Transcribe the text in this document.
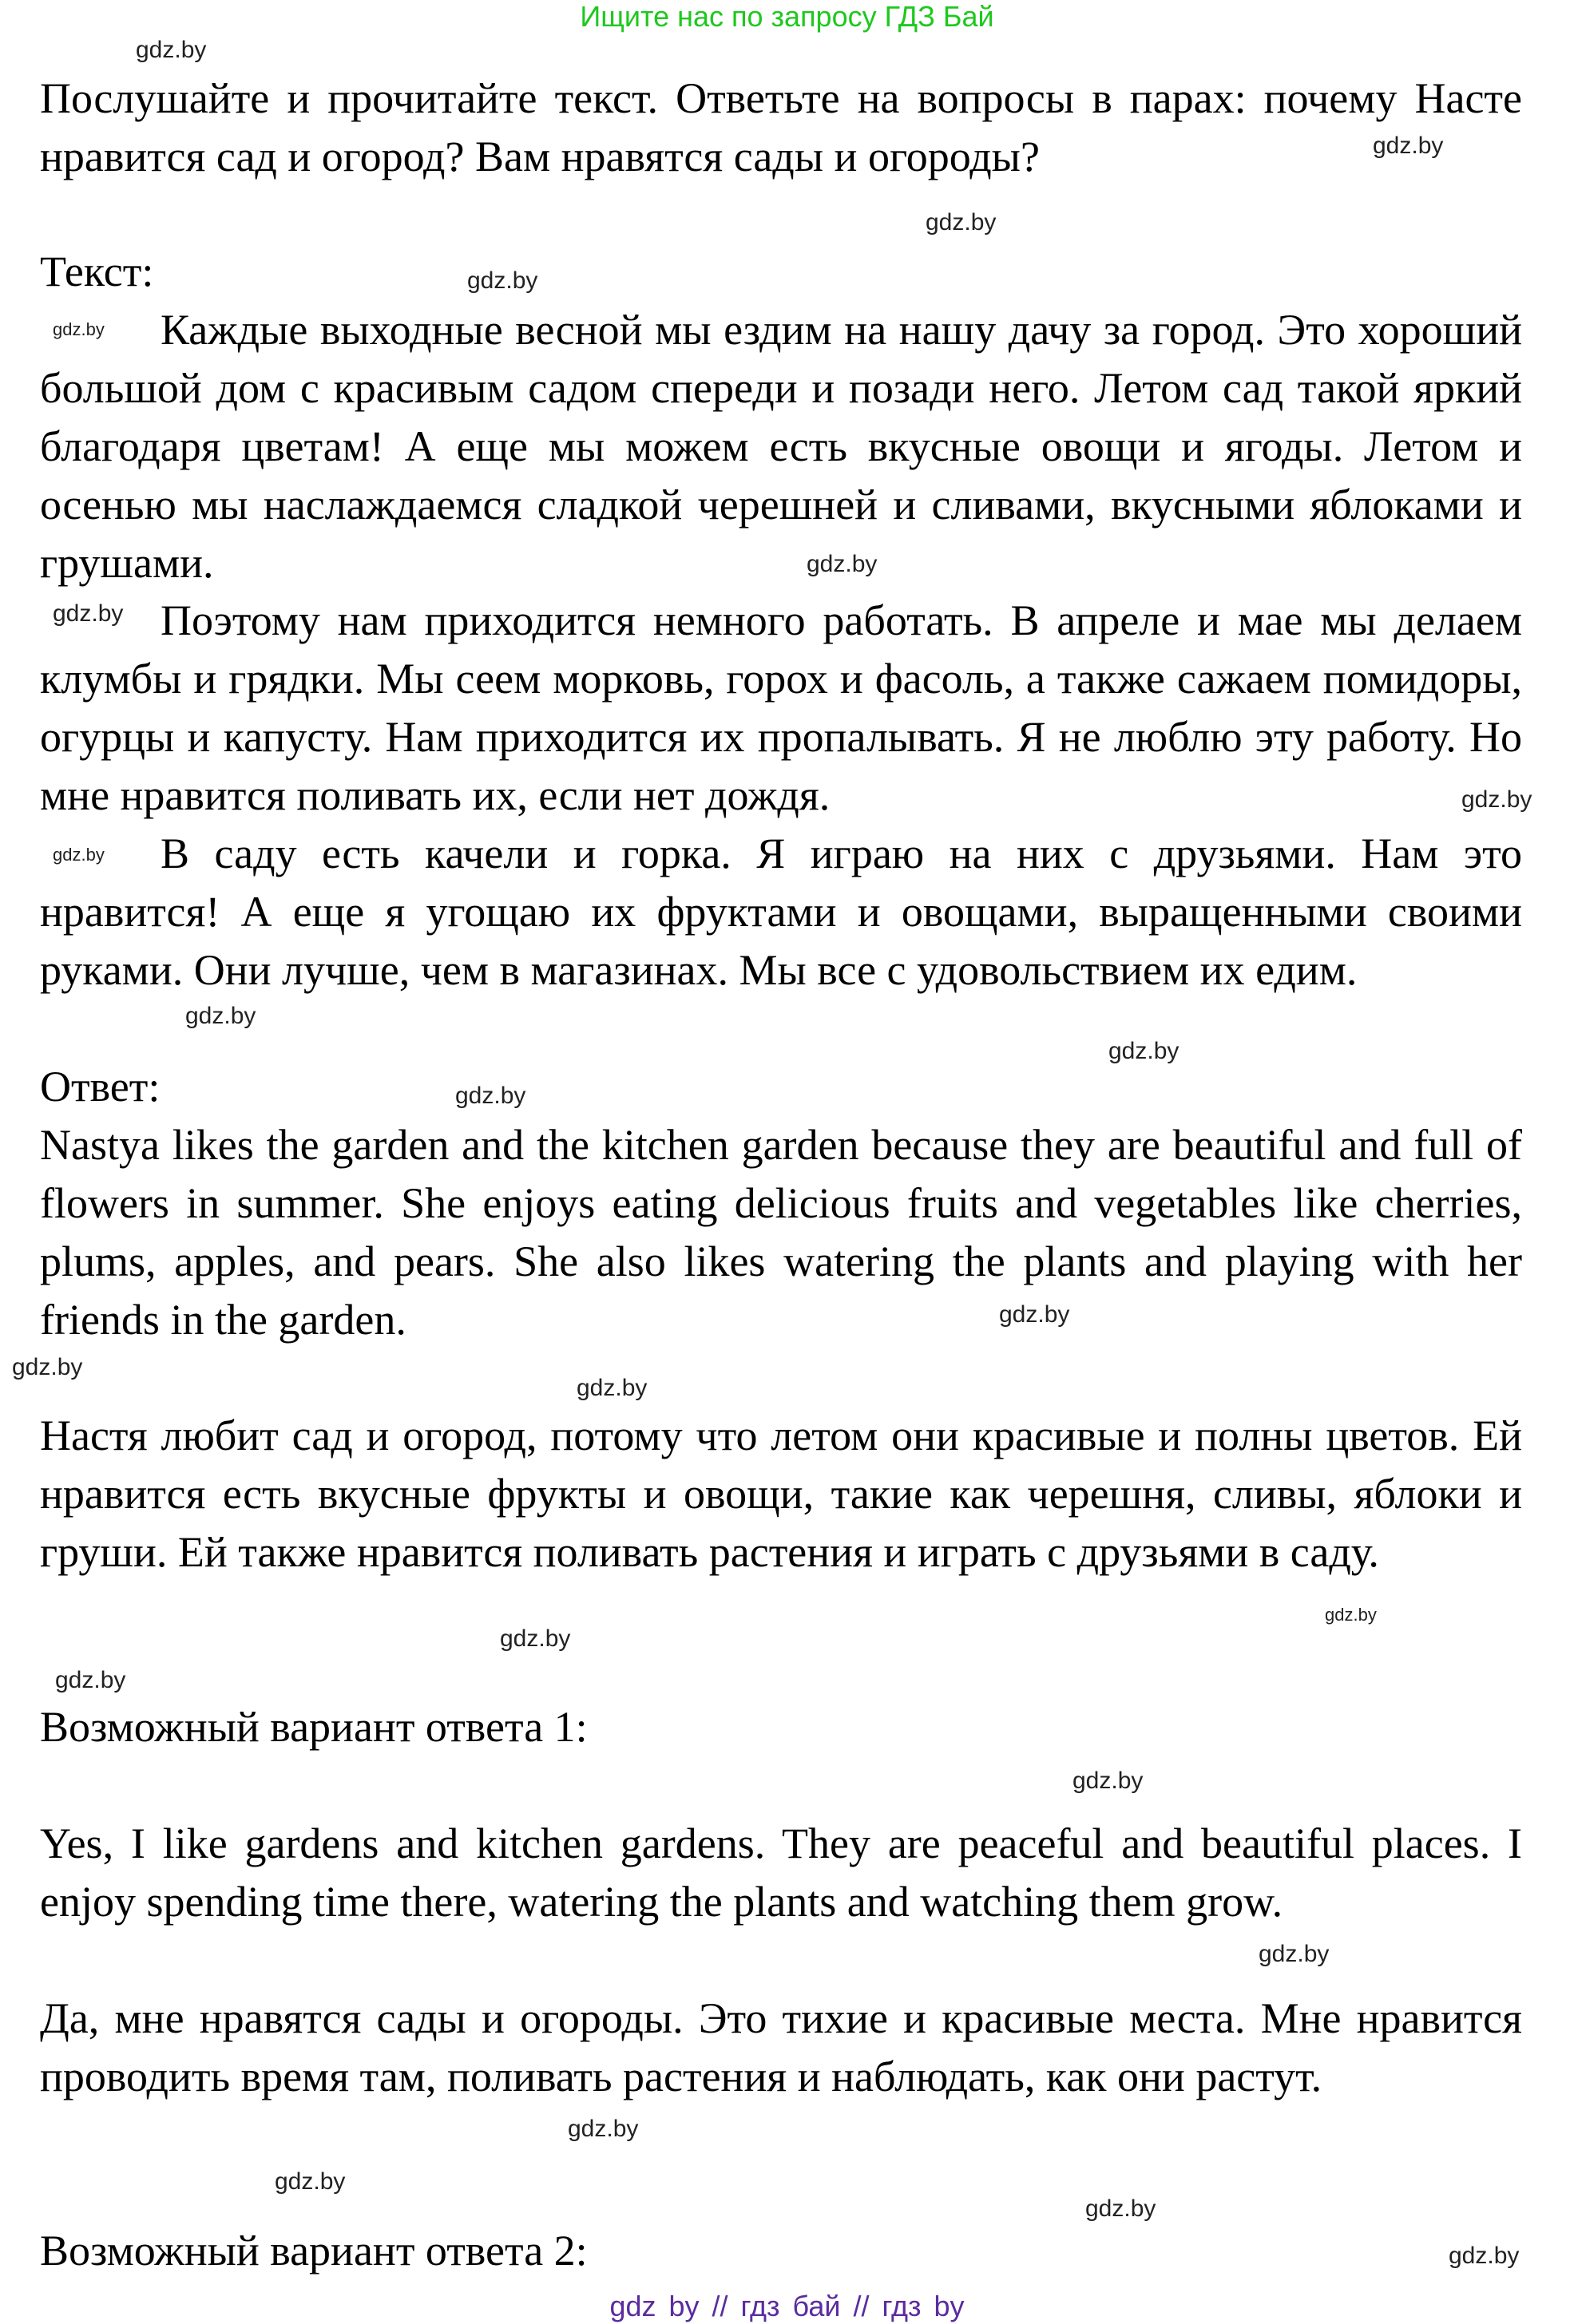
Ищите нас по запросу ГДЗ Бай
Послушайте и прочитайте текст. Ответьте на вопросы в парах: почему Насте нравится сад и огород? Вам нравятся сады и огороды?
Текст:
Каждые выходные весной мы ездим на нашу дачу за город. Это хороший большой дом с красивым садом спереди и позади него. Летом сад такой яркий благодаря цветам! А еще мы можем есть вкусные овощи и ягоды. Летом и осенью мы наслаждаемся сладкой черешней и сливами, вкусными яблоками и грушами.
Поэтому нам приходится немного работать. В апреле и мае мы делаем клумбы и грядки. Мы сеем морковь, горох и фасоль, а также сажаем помидоры, огурцы и капусту. Нам приходится их пропалывать. Я не люблю эту работу. Но мне нравится поливать их, если нет дождя.
В саду есть качели и горка. Я играю на них с друзьями. Нам это нравится! А еще я угощаю их фруктами и овощами, выращенными своими руками. Они лучше, чем в магазинах. Мы все с удовольствием их едим.
Ответ:
Nastya likes the garden and the kitchen garden because they are beautiful and full of flowers in summer. She enjoys eating delicious fruits and vegetables like cherries, plums, apples, and pears. She also likes watering the plants and playing with her friends in the garden.
Настя любит сад и огород, потому что летом они красивые и полны цветов. Ей нравится есть вкусные фрукты и овощи, такие как черешня, сливы, яблоки и груши. Ей также нравится поливать растения и играть с друзьями в саду.
Возможный вариант ответа 1:
Yes, I like gardens and kitchen gardens. They are peaceful and beautiful places. I enjoy spending time there, watering the plants and watching them grow.
Да, мне нравятся сады и огороды. Это тихие и красивые места. Мне нравится проводить время там, поливать растения и наблюдать, как они растут.
Возможный вариант ответа 2:
gdz.by
gdz.by
gdz.by
gdz.by
gdz.by
gdz.by
gdz.by
gdz.by
gdz.by
gdz.by
gdz.by
gdz.by
gdz.by
gdz.by
gdz.by
gdz.by
gdz.by
gdz.by
gdz.by
gdz.by
gdz.by
gdz.by
gdz.by
gdz.by
gdz by // гдз бай // гдз by
